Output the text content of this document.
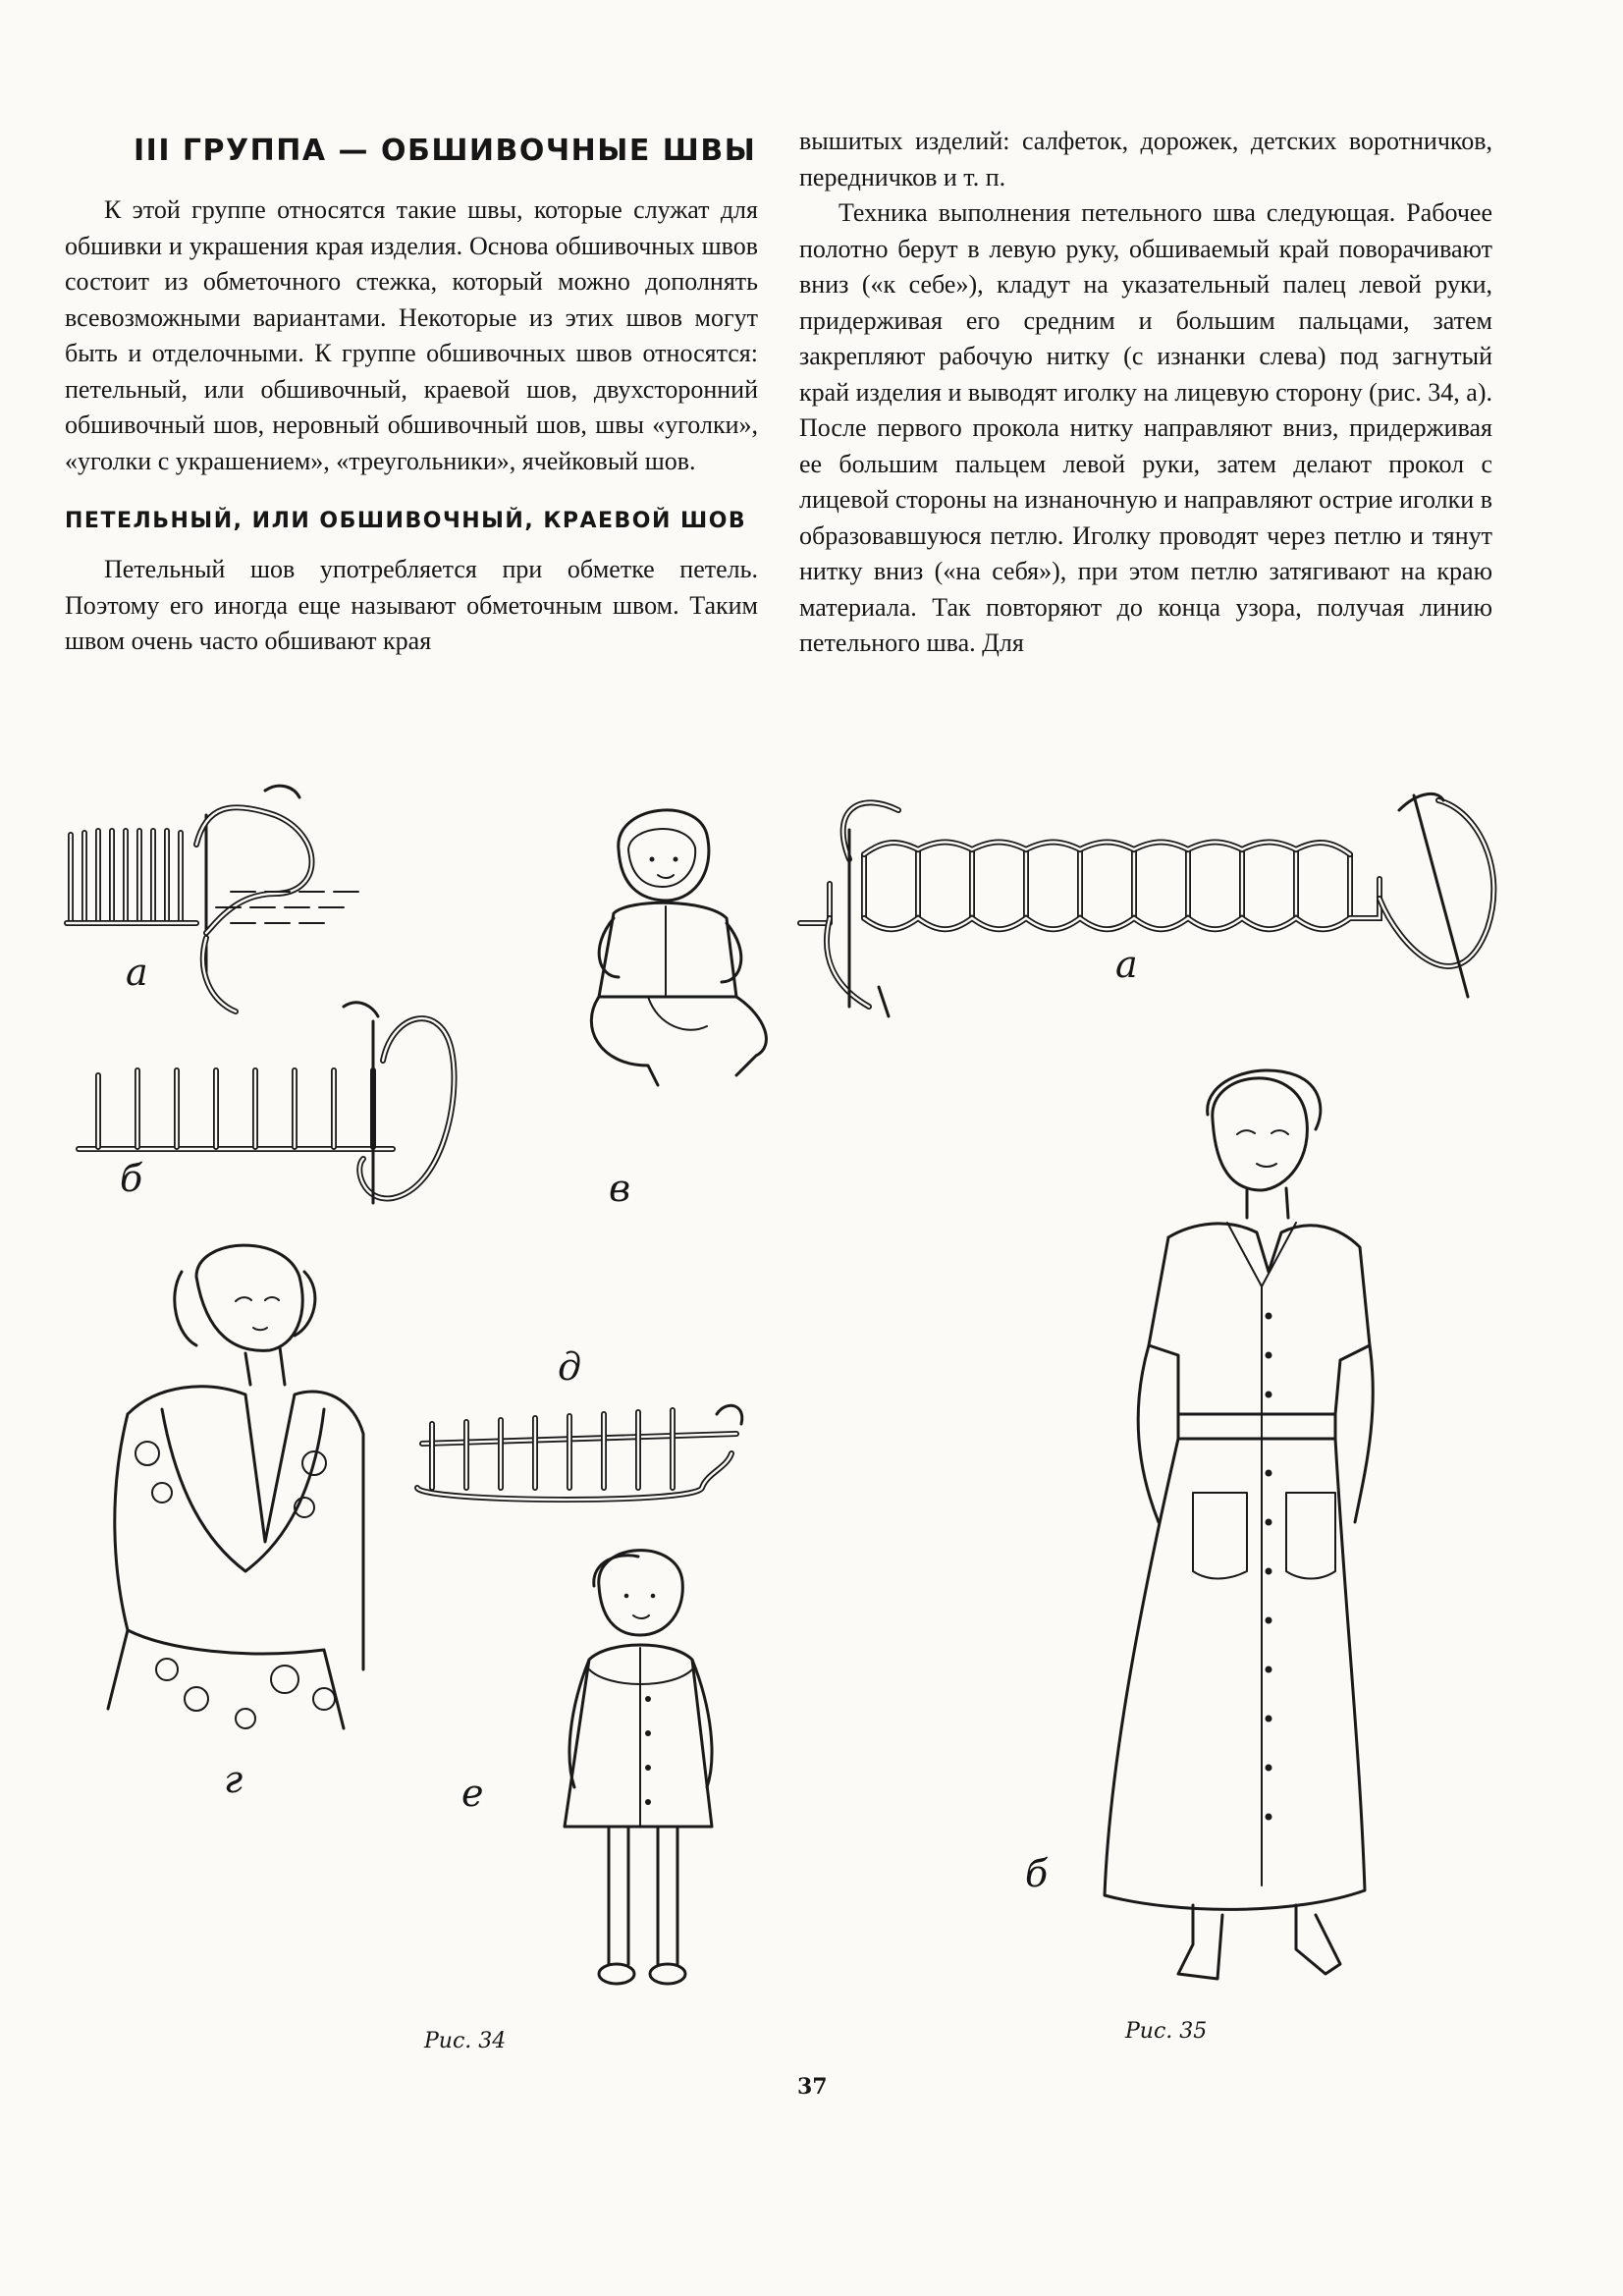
III ГРУППА — ОБШИВОЧНЫЕ ШВЫ

К этой группе относятся такие швы, которые служат для обшивки и украшения края изделия. Основа обшивочных швов состоит из обметочного стежка, который можно дополнять всевозможными вариантами. Некоторые из этих швов могут быть и отделочными. К группе обшивочных швов относятся: петельный, или обшивочный, краевой шов, двухсторонний обшивочный шов, неровный обшивочный шов, швы «уголки», «уголки с украшением», «треугольники», ячейковый шов.

ПЕТЕЛЬНЫЙ, ИЛИ ОБШИВОЧНЫЙ, КРАЕВОЙ ШОВ

Петельный шов употребляется при обметке петель. Поэтому его иногда еще называют обметочным швом. Таким швом очень часто обшивают края

вышитых изделий: салфеток, дорожек, детских воротничков, передничков и т. п.

Техника выполнения петельного шва следующая. Рабочее полотно берут в левую руку, обшиваемый край поворачивают вниз («к себе»), кладут на указательный палец левой руки, придерживая его средним и большим пальцами, затем закрепляют рабочую нитку (с изнанки слева) под загнутый край изделия и выводят иголку на лицевую сторону (рис. 34, а). После первого прокола нитку направляют вниз, придерживая ее большим пальцем левой руки, затем делают прокол с лицевой стороны на изнаночную и направляют острие иголки в образовавшуюся петлю. Иголку проводят через петлю и тянут нитку вниз («на себя»), при этом петлю затягивают на краю материала. Так повторяют до конца узора, получая линию петельного шва. Для

а
б	в
г
д
е
Рис. 34
а
б
Рис. 35
37
